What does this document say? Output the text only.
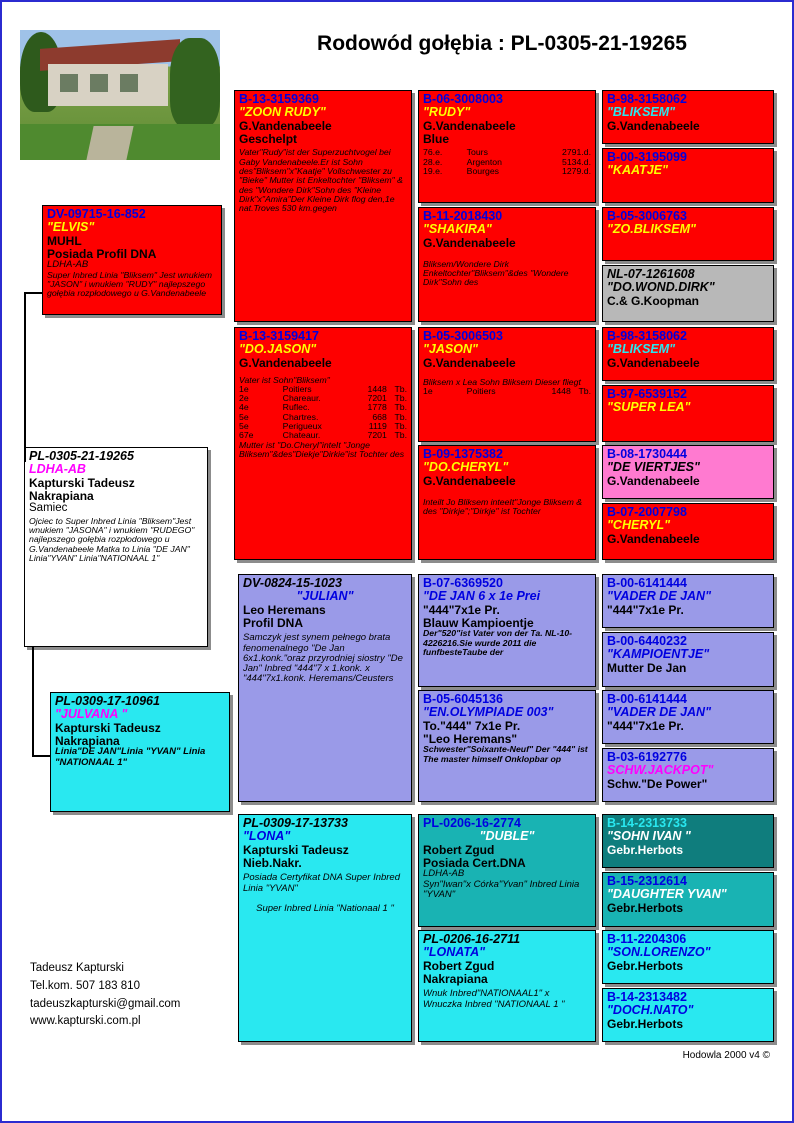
Rodowód gołębia : PL-0305-21-19265
DV-09715-16-852
"ELVIS"
MUHL
Posiada Profil DNA
LDHA-AB
Super Inbred Linia "Bliksem" Jest wnukiem "JASON" i wnukiem "RUDY" najlepszego gołębia rozpłodowego u G.Vandenabeele
PL-0305-21-19265
LDHA-AB
Kapturski Tadeusz
Nakrapiana
Samiec
Ojciec to Super Inbred Linia "Bliksem"Jest wnukiem "JASONA" i wnukiem "RUDEGO" najlepszego gołębia rozpłodowego u G.Vandenabeele Matka to Linia "DE JAN" Linia"YVAN" Linia"NATIONAAL 1"
PL-0309-17-10961
"JULVANA "
Kapturski Tadeusz
Nakrapiana
Linia"DE JAN"Linia "YVAN" Linia "NATIONAAL 1"
B-13-3159369
"ZOON RUDY"
G.Vandenabeele
Geschelpt
Vater"Rudy"ist der Superzuchtvogel bei Gaby Vandenabeele.Er ist Sohn des"Bliksem"x"Kaatje" Vollschwester zu "Bieke" Mutter ist Enkeltochter "Bliksem" & des "Wondere Dirk"Sohn des "Kleine Dirk"x"Amira"Der Kleine Dirk flog den,1e nat.Troves 530 km.gegen
B-13-3159417
"DO.JASON"
G.Vandenabeele
Vater ist Sohn"Bliksem"
1e	Poitiers	1448	Tb.
2e	Chareaur.	7201	Tb.
4e	Ruflec.	1778	Tb.
5e	Chartres.	668	Tb.
5e	Perigueux	1119	Tb.
67e	Chateaur.	7201	Tb.
Mutter ist "Do.Cheryl"inteIt "Jonge Bliksem"&des"Diekje"Dirkie"ist Tochter des
DV-0824-15-1023
"JULIAN"
Leo Heremans
Profil DNA
Samczyk jest synem pełnego brata fenomenalnego "De Jan 6x1.konk."oraz przyrodniej siostry "De Jan" Inbred "444"7 x 1.konk. x "444"7x1.konk. Heremans/Ceusters
PL-0309-17-13733
"LONA"
Kapturski Tadeusz
Nieb.Nakr.
Posiada Certyfikat DNA Super Inbred Linia "YVAN"
Super Inbred Linia "Nationaal 1 "
B-06-3008003
"RUDY"
G.Vandenabeele
Blue
76.e.	Tours	2791.d.
28.e.	Argenton	5134.d.
19.e.	Bourges	1279.d.
B-11-2018430
"SHAKIRA"
G.Vandenabeele
Bliksem/Wondere Dirk Enkeltochter"Bliksem"&des "Wondere Dirk"Sohn des
B-05-3006503
"JASON"
G.Vandenabeele
Bliksem x Lea Sohn Bliksem Dieser fliegt
1e	Poitiers	1448	Tb.
B-09-1375382
"DO.CHERYL"
G.Vandenabeele
Inteilt Jo Bliksem inteeIt"Jonge Bliksem & des "Dirkje";"Dirkje" ist Tochter
B-07-6369520
"DE JAN 6 x 1e Prei
"444"7x1e Pr.
Blauw Kampioentje
Der"520"ist Vater von der Ta. NL-10-4226216.Sie wurde 2011 die funfbesteTaube der
B-05-6045136
"EN.OLYMPIADE 003"
To."444" 7x1e Pr.
"Leo Heremans"
Schwester"Soixante-Neuf" Der "444" ist The master himself Onklopbar op
PL-0206-16-2774
"DUBLE"
Robert Zgud
Posiada Cert.DNA
LDHA-AB
Syn"Iwan"x Córka"Yvan" Inbred Linia "YVAN"
PL-0206-16-2711
"LONATA"
Robert Zgud
Nakrapiana
Wnuk Inbred"NATIONAAL1" x Wnuczka Inbred "NATIONAAL 1 "
B-98-3158062
"BLIKSEM"
G.Vandenabeele
B-00-3195099
"KAATJE"
B-05-3006763
"ZO.BLIKSEM"
NL-07-1261608
"DO.WOND.DIRK"
C.& G.Koopman
B-98-3158062
"BLIKSEM"
G.Vandenabeele
B-97-6539152
"SUPER LEA"
B-08-1730444
"DE VIERTJES"
G.Vandenabeele
B-07-2007798
"CHERYL"
G.Vandenabeele
B-00-6141444
"VADER DE JAN"
"444"7x1e Pr.
B-00-6440232
"KAMPIOENTJE"
Mutter De Jan
B-00-6141444
"VADER DE JAN"
"444"7x1e Pr.
B-03-6192776
SCHW.JACKPOT"
Schw."De Power"
B-14-2313733
"SOHN IVAN "
Gebr.Herbots
B-15-2312614
"DAUGHTER YVAN"
Gebr.Herbots
B-11-2204306
"SON.LORENZO"
Gebr.Herbots
B-14-2313482
"DOCH.NATO"
Gebr.Herbots
Tadeusz Kapturski
Tel.kom. 507 183 810
tadeuszkapturski@gmail.com
www.kapturski.com.pl
Hodowla 2000 v4 ©
